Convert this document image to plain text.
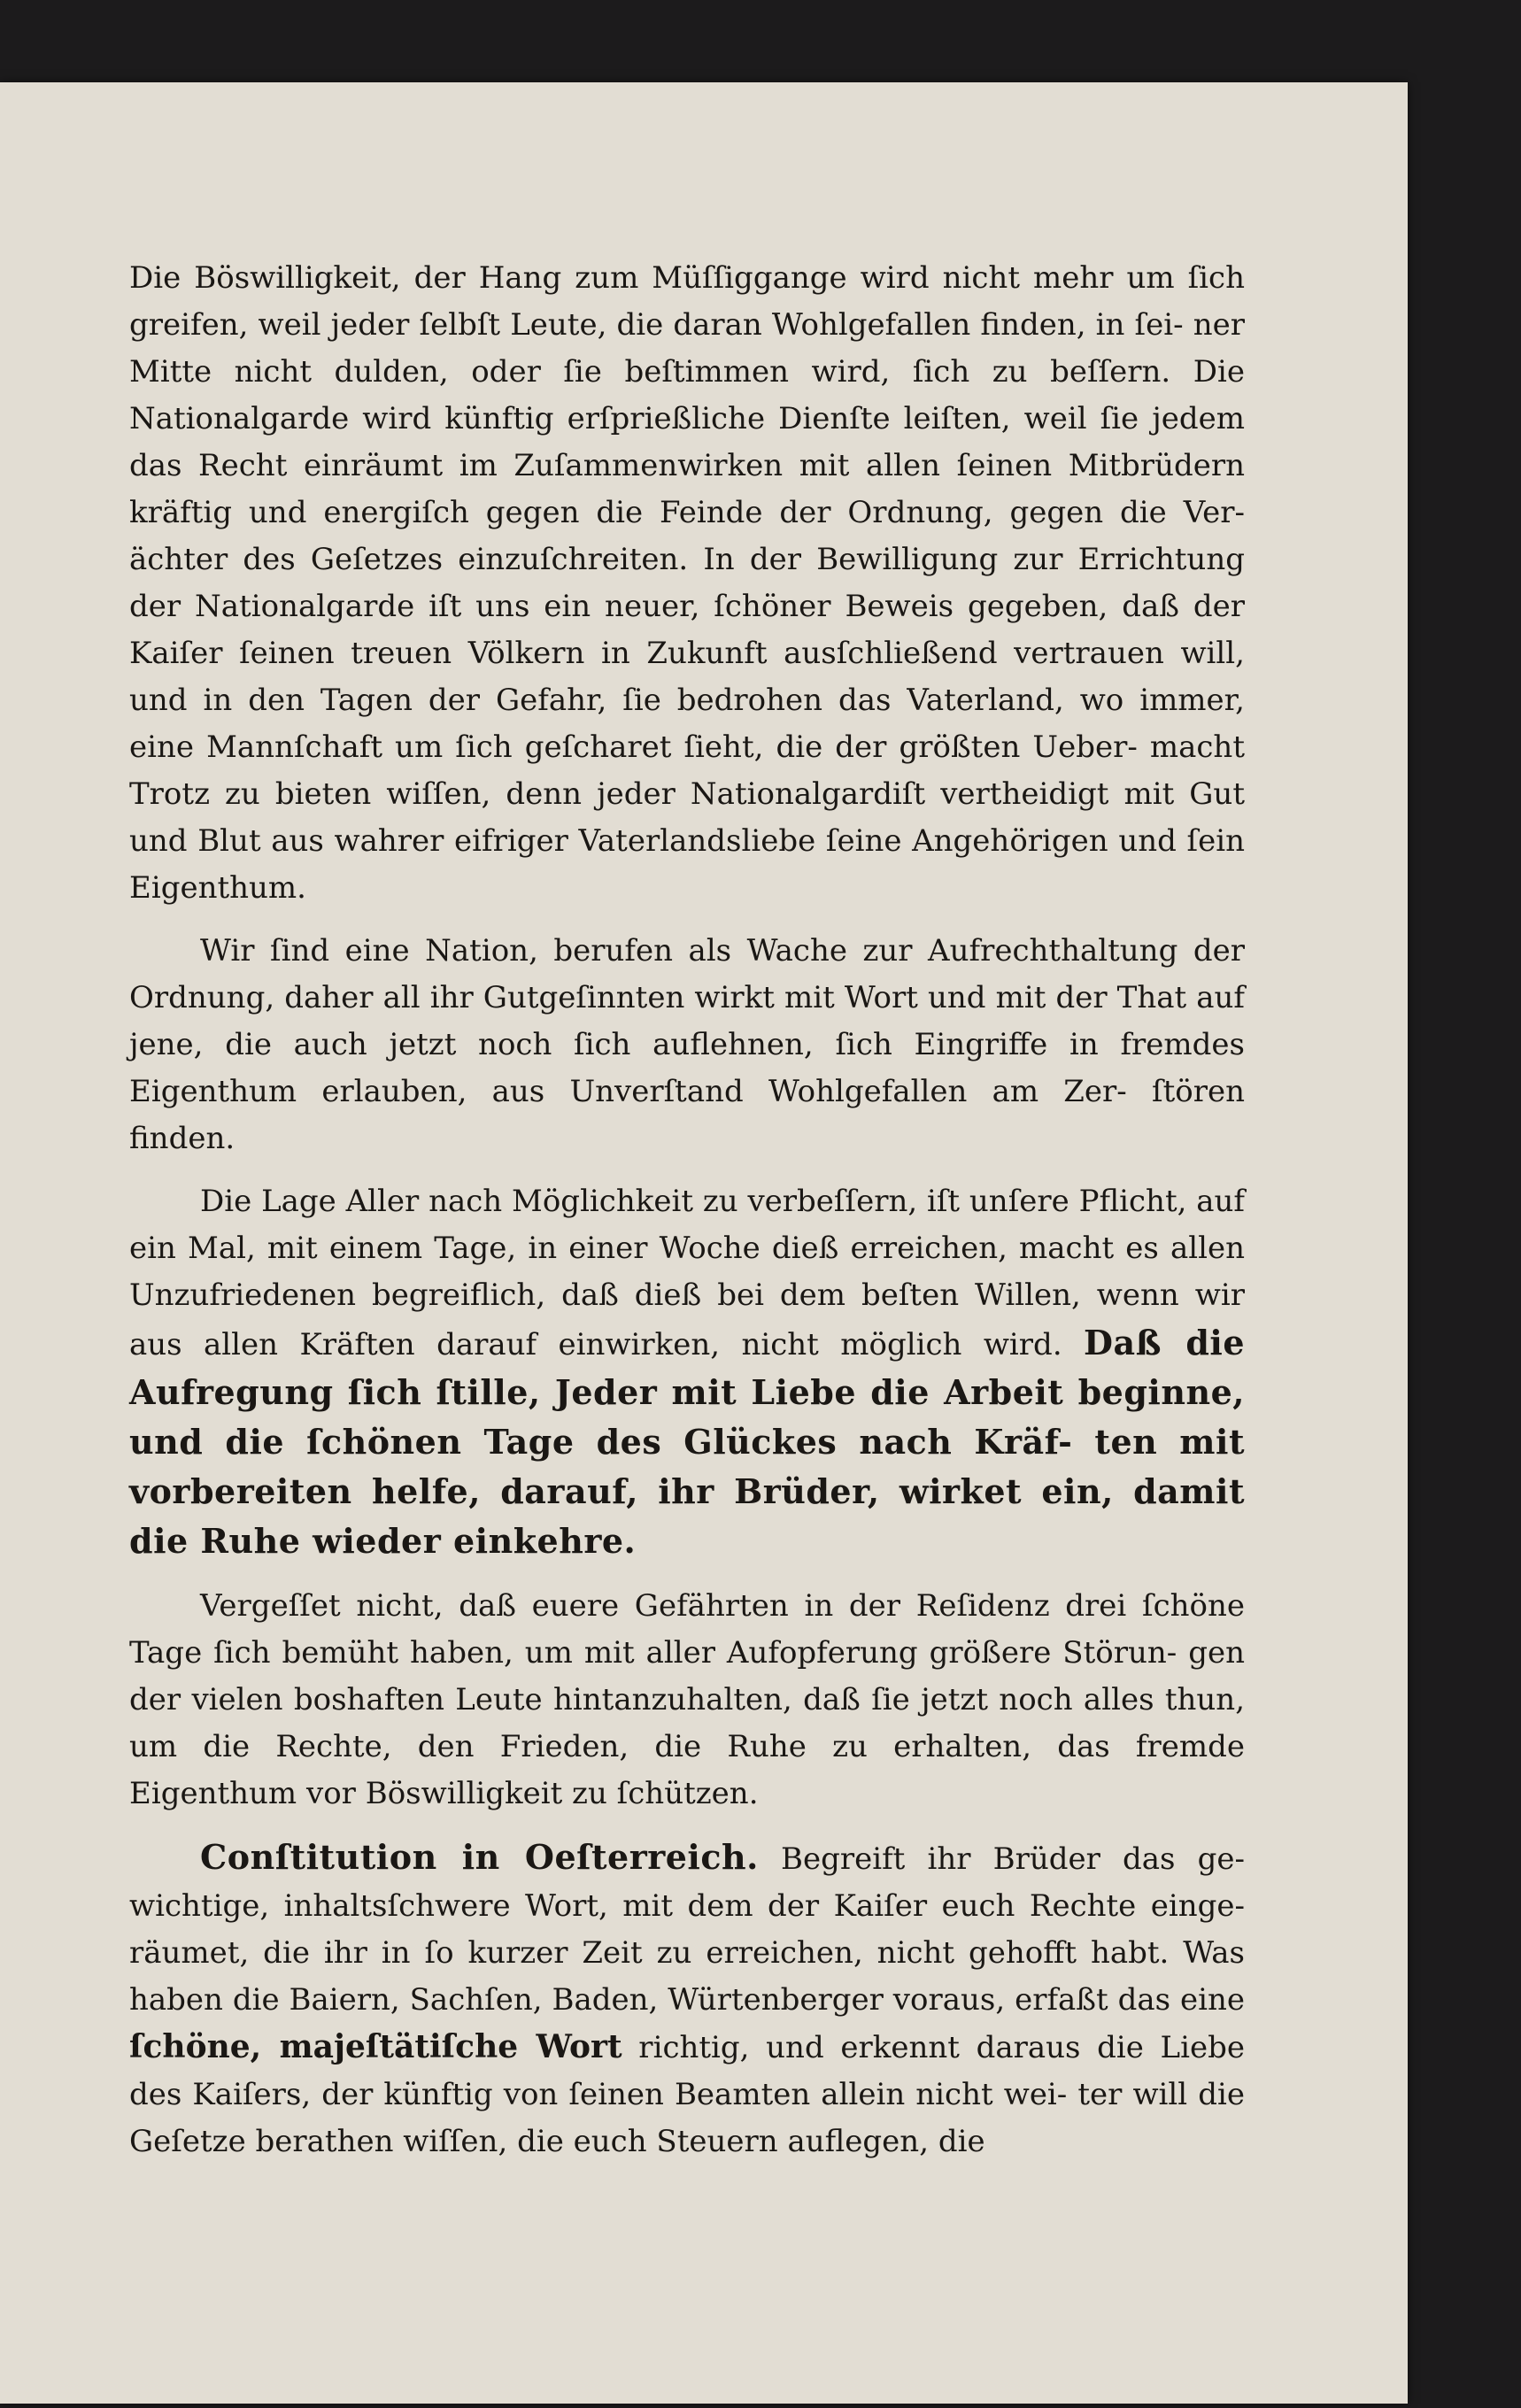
Die Böswilligkeit, der Hang zum Müſſiggange wird nicht mehr um ſich greifen, weil jeder ſelbſt Leute, die daran Wohlgefallen finden, in ſei- ner Mitte nicht dulden, oder ſie beſtimmen wird, ſich zu beſſern. Die Nationalgarde wird künftig erſprießliche Dienſte leiſten, weil ſie jedem das Recht einräumt im Zuſammenwirken mit allen ſeinen Mitbrüdern kräftig und energiſch gegen die Feinde der Ordnung, gegen die Ver- ächter des Geſetzes einzuſchreiten. In der Bewilligung zur Errichtung der Nationalgarde iſt uns ein neuer, ſchöner Beweis gegeben, daß der Kaiſer ſeinen treuen Völkern in Zukunft ausſchließend vertrauen will, und in den Tagen der Gefahr, ſie bedrohen das Vaterland, wo immer, eine Mannſchaft um ſich geſcharet ſieht, die der größten Ueber- macht Trotz zu bieten wiſſen, denn jeder Nationalgardiſt vertheidigt mit Gut und Blut aus wahrer eifriger Vaterlandsliebe ſeine Angehörigen und ſein Eigenthum.

Wir ſind eine Nation, berufen als Wache zur Aufrechthaltung der Ordnung, daher all ihr Gutgeſinnten wirkt mit Wort und mit der That auf jene, die auch jetzt noch ſich auflehnen, ſich Eingriffe in fremdes Eigenthum erlauben, aus Unverſtand Wohlgefallen am Zer- ſtören finden.

Die Lage Aller nach Möglichkeit zu verbeſſern, iſt unſere Pflicht, auf ein Mal, mit einem Tage, in einer Woche dieß erreichen, macht es allen Unzufriedenen begreiflich, daß dieß bei dem beſten Willen, wenn wir aus allen Kräften darauf einwirken, nicht möglich wird. Daß die Aufregung ſich ſtille, Jeder mit Liebe die Arbeit beginne, und die ſchönen Tage des Glückes nach Kräf- ten mit vorbereiten helfe, darauf, ihr Brüder, wirket ein, damit die Ruhe wieder einkehre.

Vergeſſet nicht, daß euere Gefährten in der Reſidenz drei ſchöne Tage ſich bemüht haben, um mit aller Aufopferung größere Störun- gen der vielen boshaften Leute hintanzuhalten, daß ſie jetzt noch alles thun, um die Rechte, den Frieden, die Ruhe zu erhalten, das fremde Eigenthum vor Böswilligkeit zu ſchützen.

Conſtitution in Oeſterreich. Begreift ihr Brüder das ge- wichtige, inhaltsſchwere Wort, mit dem der Kaiſer euch Rechte einge- räumet, die ihr in ſo kurzer Zeit zu erreichen, nicht gehofft habt. Was haben die Baiern, Sachſen, Baden, Würtenberger voraus, erfaßt das eine ſchöne, majeſtätiſche Wort richtig, und erkennt daraus die Liebe des Kaiſers, der künftig von ſeinen Beamten allein nicht wei- ter will die Geſetze berathen wiſſen, die euch Steuern auflegen, die
